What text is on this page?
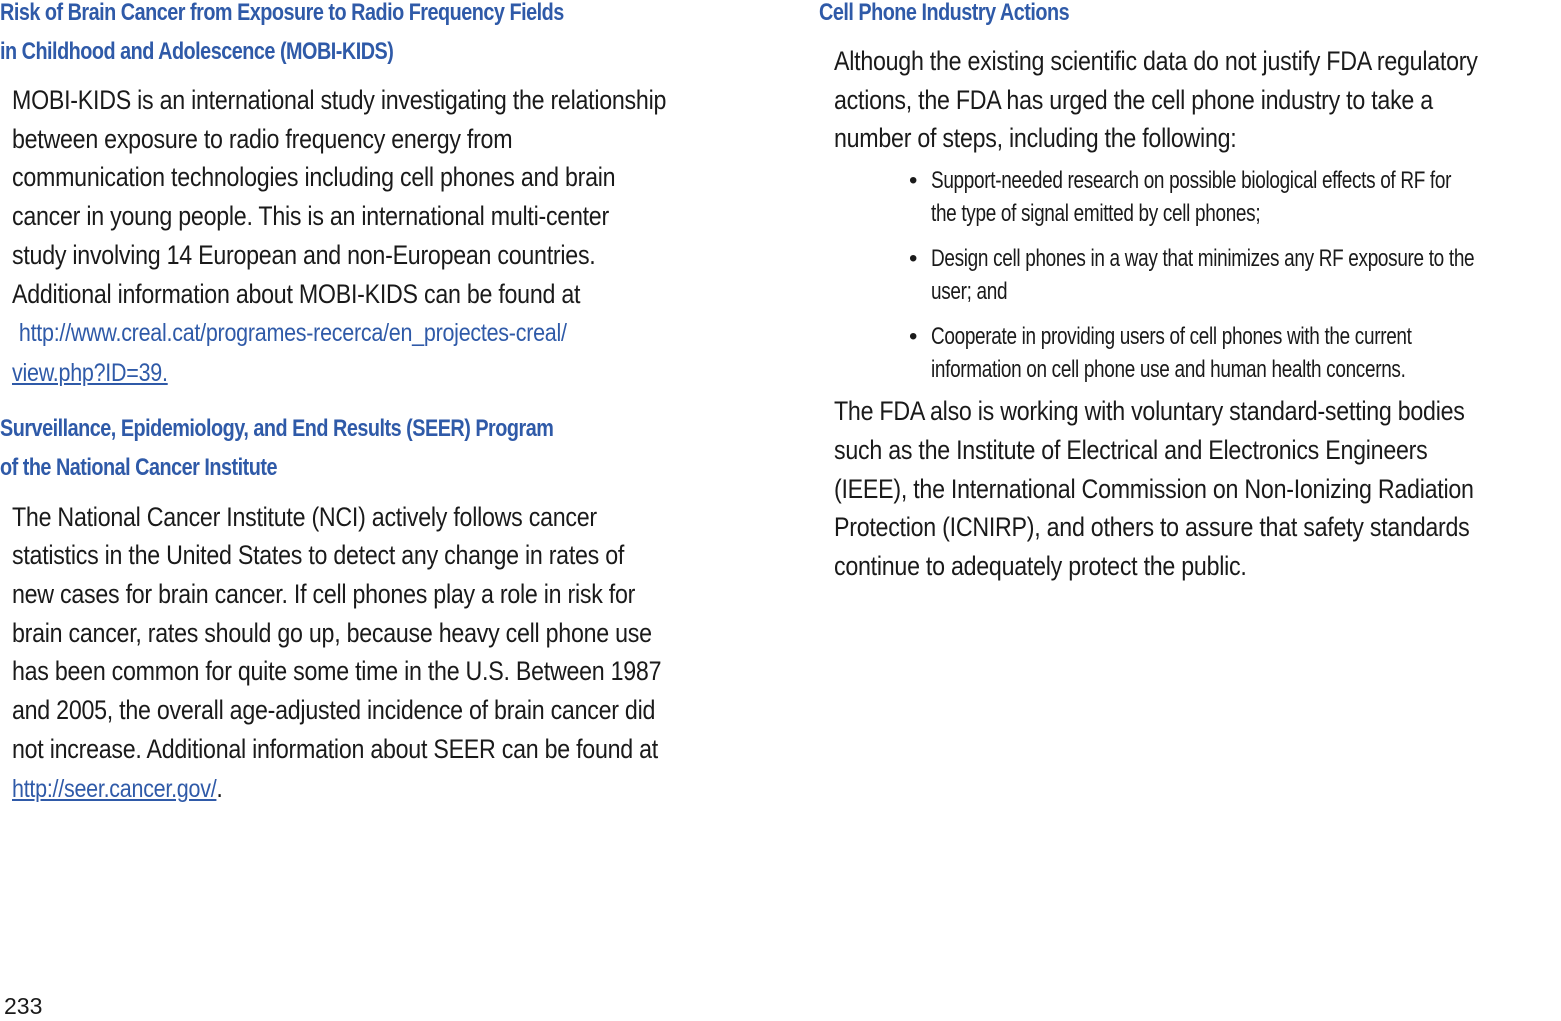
Risk of Brain Cancer from Exposure to Radio Frequency Fields
in Childhood and Adolescence (MOBI-KIDS)
MOBI-KIDS is an international study investigating the relationship
between exposure to radio frequency energy from
communication technologies including cell phones and brain
cancer in young people. This is an international multi-center
study involving 14 European and non-European countries.
Additional information about MOBI-KIDS can be found at
http://www.creal.cat/programes-recerca/en_projectes-creal/
view.php?ID=39.
Surveillance, Epidemiology, and End Results (SEER) Program
of the National Cancer Institute
The National Cancer Institute (NCI) actively follows cancer
statistics in the United States to detect any change in rates of
new cases for brain cancer. If cell phones play a role in risk for
brain cancer, rates should go up, because heavy cell phone use
has been common for quite some time in the U.S. Between 1987
and 2005, the overall age-adjusted incidence of brain cancer did
not increase. Additional information about SEER can be found at
http://seer.cancer.gov/.
Cell Phone Industry Actions
Although the existing scientific data do not justify FDA regulatory
actions, the FDA has urged the cell phone industry to take a
number of steps, including the following:
• Support-needed research on possible biological effects of RF for
the type of signal emitted by cell phones;
• Design cell phones in a way that minimizes any RF exposure to the
user; and
• Cooperate in providing users of cell phones with the current
information on cell phone use and human health concerns.
The FDA also is working with voluntary standard-setting bodies
such as the Institute of Electrical and Electronics Engineers
(IEEE), the International Commission on Non-Ionizing Radiation
Protection (ICNIRP), and others to assure that safety standards
continue to adequately protect the public.
233
